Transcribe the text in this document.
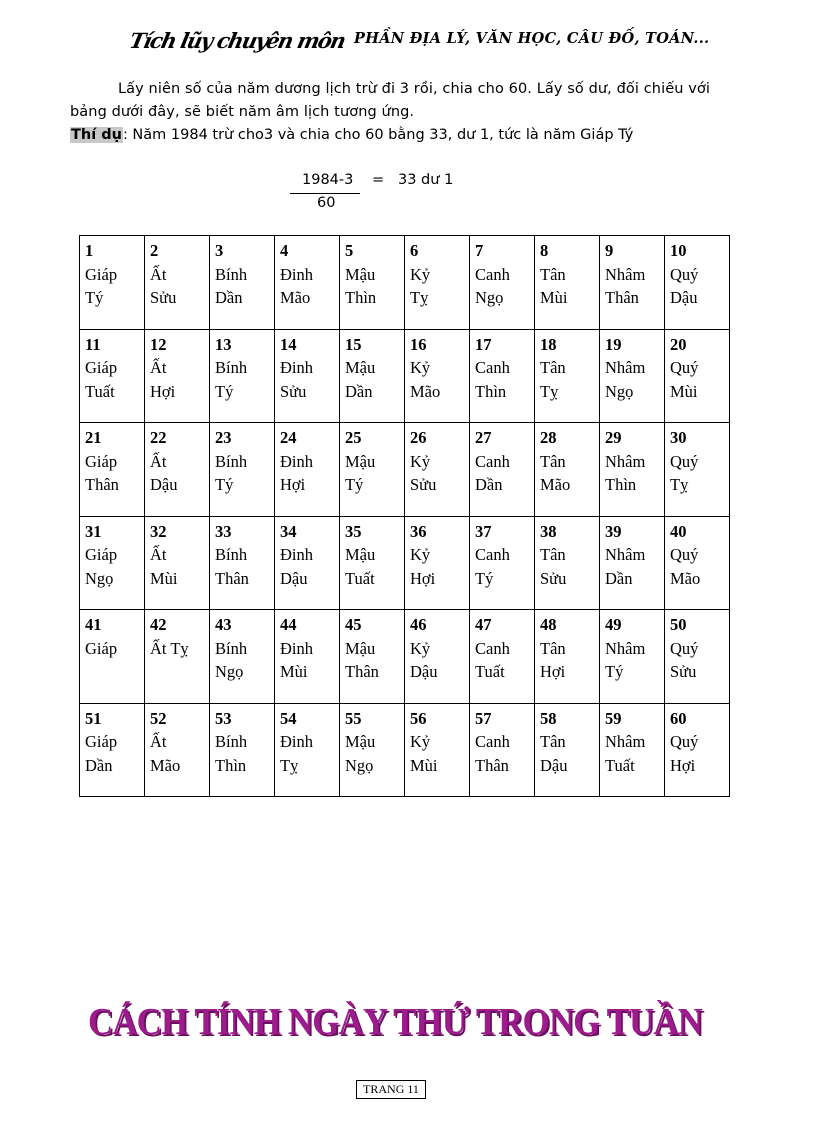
Tích lũy chuyên môn PHẦN ĐỊA LÝ, VĂN HỌC, CÂU ĐỐ, TOÁN...
Lấy niên số của năm dương lịch trừ đi 3 rồi, chia cho 60. Lấy số dư, đối chiếu với bảng dưới đây, sẽ biết năm âm lịch tương ứng.
Thí dụ: Năm 1984 trừ cho3 và chia cho 60 bằng 33, dư 1, tức là năm Giáp Tý
1984-3
60
= 33 dư 1
1
Giáp
Tý	2
Ất
Sửu	3
Bính
Dần	4
Đinh
Mão	5
Mậu
Thìn	6
Kỷ
Tỵ	7
Canh
Ngọ	8
Tân
Mùi	9
Nhâm
Thân	10
Quý
Dậu

11
Giáp
Tuất	12
Ất
Hợi	13
Bính
Tý	14
Đinh
Sửu	15
Mậu
Dần	16
Kỷ
Mão	17
Canh
Thìn	18
Tân
Tỵ	19
Nhâm
Ngọ	20
Quý
Mùi

21
Giáp
Thân	22
Ất
Dậu	23
Bính
Tý	24
Đinh
Hợi	25
Mậu
Tý	26
Kỷ
Sửu	27
Canh
Dần	28
Tân
Mão	29
Nhâm
Thìn	30
Quý
Tỵ

31
Giáp
Ngọ	32
Ất
Mùi	33
Bính
Thân	34
Đinh
Dậu	35
Mậu
Tuất	36
Kỷ
Hợi	37
Canh
Tý	38
Tân
Sửu	39
Nhâm
Dần	40
Quý
Mão

41
Giáp	42
Ất Tỵ	43
Bính
Ngọ	44
Đinh
Mùi	45
Mậu
Thân	46
Kỷ
Dậu	47
Canh
Tuất	48
Tân
Hợi	49
Nhâm
Tý	50
Quý
Sửu

51
Giáp
Dần	52
Ất
Mão	53
Bính
Thìn	54
Đinh
Tỵ	55
Mậu
Ngọ	56
Kỷ
Mùi	57
Canh
Thân	58
Tân
Dậu	59
Nhâm
Tuất	60
Quý
Hợi
CÁCH TÍNH NGÀY THỨ TRONG TUẦN
TRANG 11
